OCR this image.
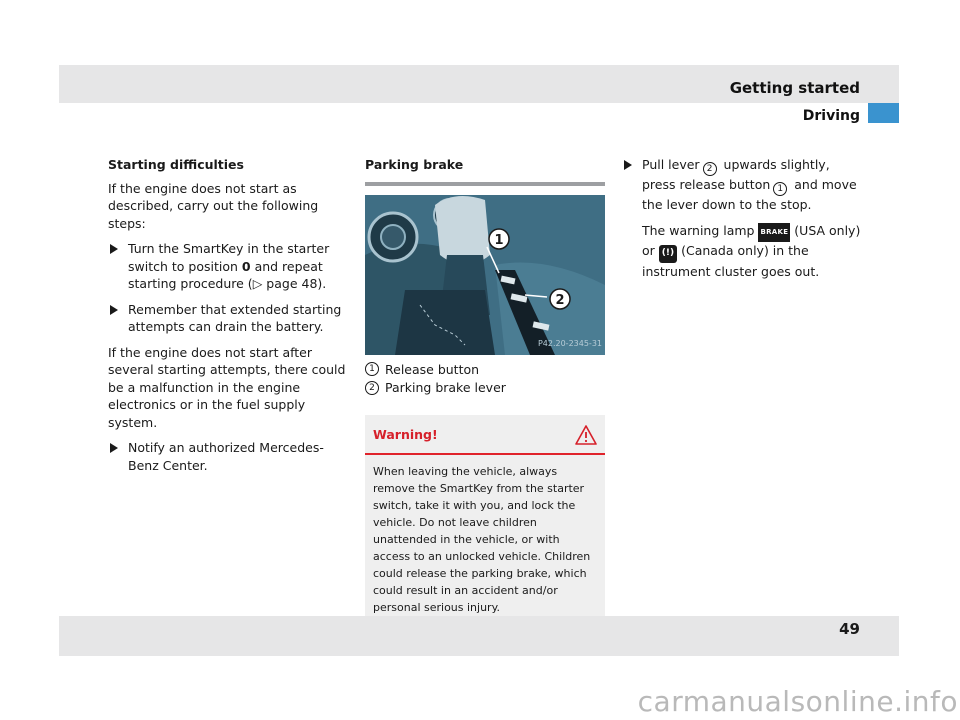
Getting started
Driving
Starting difficulties

If the engine does not start as described, carry out the following steps:

Turn the SmartKey in the starter switch to position 0 and repeat starting procedure (▷ page 48).
Remember that extended starting attempts can drain the battery.

If the engine does not start after several starting attempts, there could be a malfunction in the engine electronics or in the fuel supply system.

Notify an authorized Mercedes-Benz Center.
Parking brake
1
2
P42.20-2345-31
1 Release button
2 Parking brake lever
Warning!
When leaving the vehicle, always remove the SmartKey from the starter switch, take it with you, and lock the vehicle. Do not leave children unattended in the vehicle, or with access to an unlocked vehicle. Children could release the parking brake, which could result in an accident and/or personal serious injury.
Pull lever 2 upwards slightly, press release button 1 and move the lever down to the stop.

The warning lamp BRAKE (USA only)
or (!) (Canada only) in the instrument cluster goes out.

49
carmanualsonline.info
